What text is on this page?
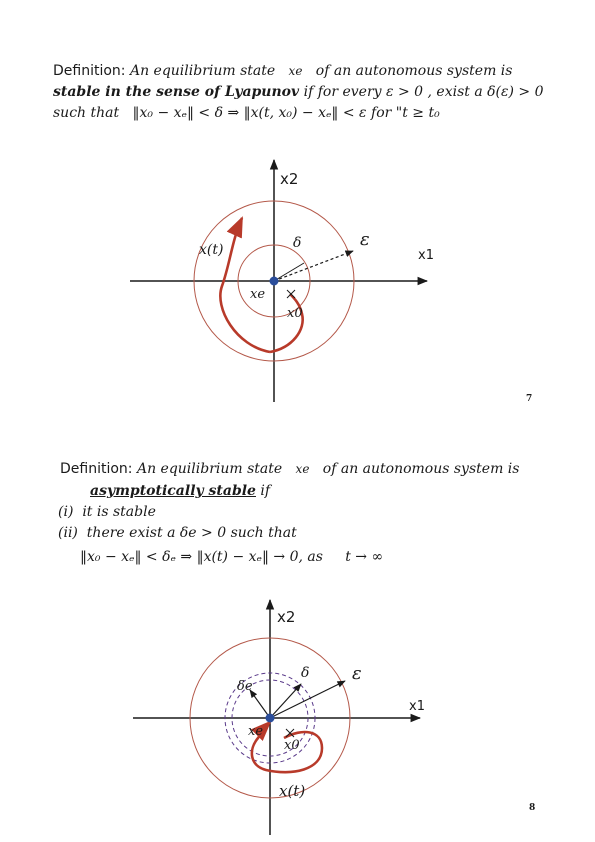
Definition: An equilibrium state xe of an autonomous system is
stable in the sense of Lyapunov if for every ε > 0 , exist a δ(ε) > 0
such that ‖x₀ − xₑ‖ < δ ⇒ ‖x(t, x₀) − xₑ‖ < ε for "t ≥ t₀
x2
x1
δ	ε
x(t)
xe
x0
7
Definition: An equilibrium state xe of an autonomous system is
asymptotically stable if
(i) it is stable
(ii) there exist a δe > 0 such that
‖x₀ − xₑ‖ < δₑ ⇒ ‖x(t) − xₑ‖ → 0, as t → ∞
x2
x1
δ
δe
ε
x(t)
xe
x0
8
